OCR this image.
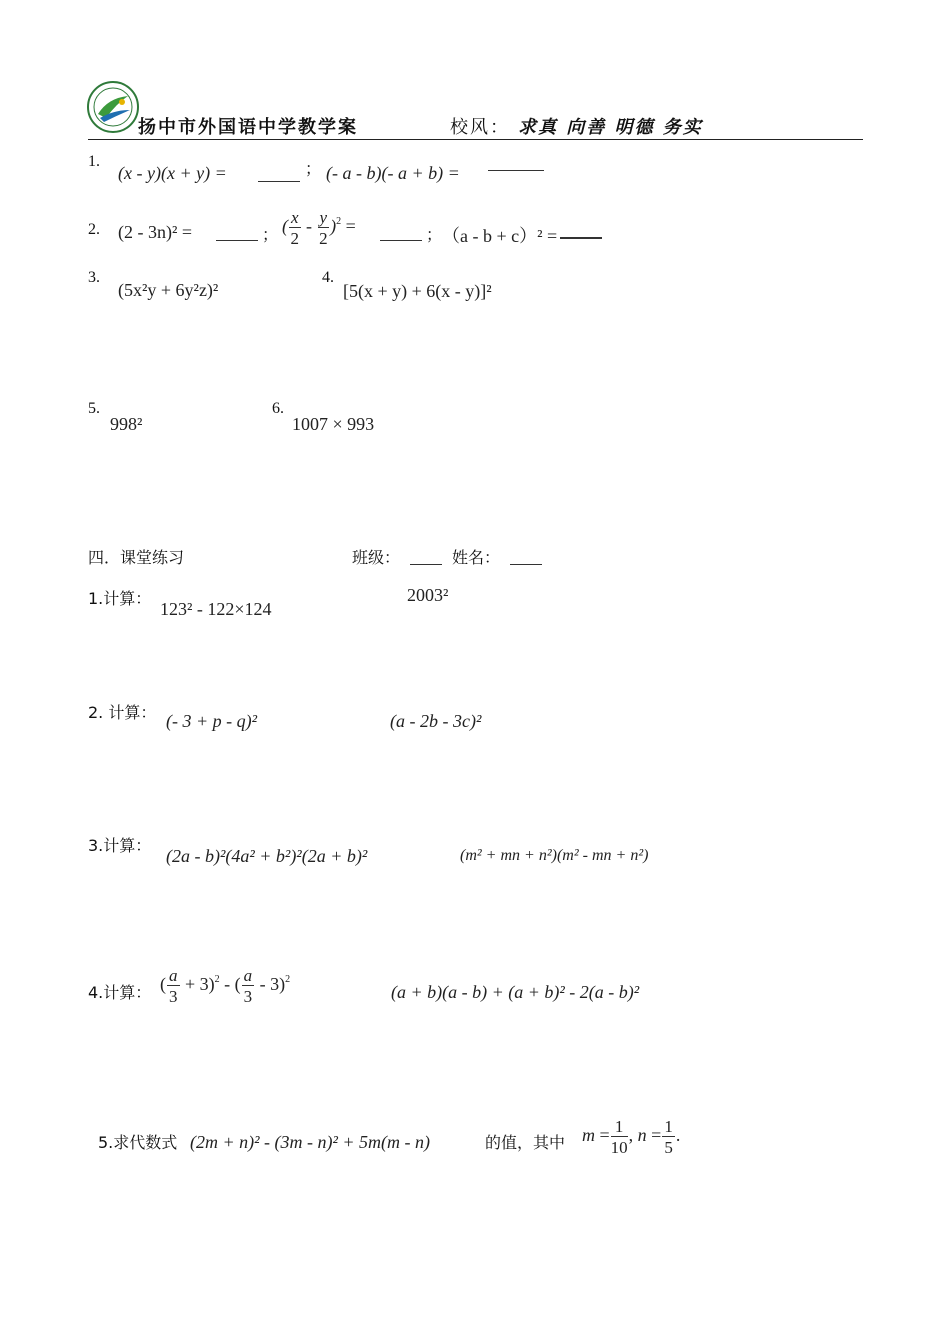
扬中市外国语中学教学案	校风： 求真 向善 明德 务实
1.
(x - y)(x + y) =	； (- a - b)(- a + b) =
2. (2 - 3n)² =	； ( $\frac{x}{2} - \frac{y}{2} )^2$ =	； （a - b + c）² =
3.
(5x²y + 6y²z)²
4.
[5(x + y) + 6(x - y)]²
5.
998²
6.
1007 × 993
四．课堂练习	班级：	姓名：
1.计算：
123² - 122×124
2003²
2. 计算： (- 3 + p - q)²	(a - 2b - 3c)²
3.计算：
(2a - b)²(4a² + b²)²(2a + b)²	(m² + mn + n²)(m² - mn + n²)
4.计算： ( $\frac{a}{3} + 3)^2$ - ( $\frac{a}{3} - 3)^2$
(a + b)(a - b) + (a + b)² - 2(a - b)²
5.求代数式 (2m + n)² - (3m - n)² + 5m(m - n)	的值，其中 $m = \frac{1}{10}$ , $n = \frac{1}{5}$ .
